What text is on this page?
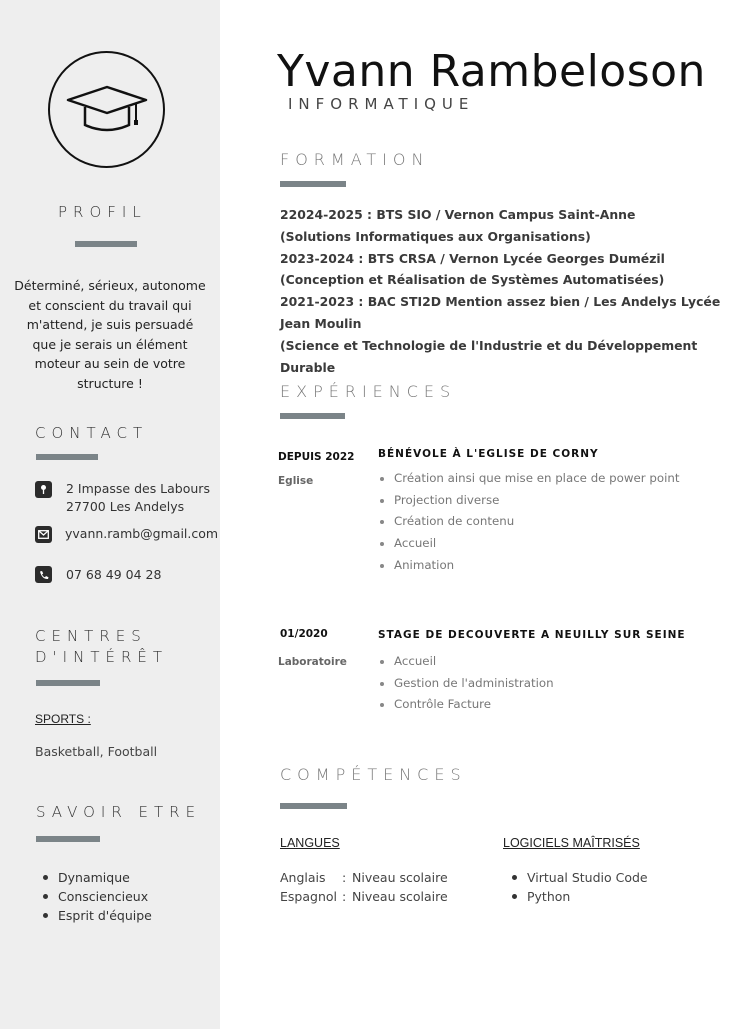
PROFIL
Déterminé, sérieux, autonome et conscient du travail qui m'attend, je suis persuadé que je serais un élément moteur au sein de votre structure !
CONTACT
2 Impasse des Labours
27700 Les Andelys
yvann.ramb@gmail.com
07 68 49 04 28
CENTRES
D'INTÉRÊT
SPORTS :
Basketball, Football
SAVOIR ETRE
Dynamique
Consciencieux
Esprit d'équipe
Yvann Rambeloson
INFORMATIQUE
FORMATION

22024-2025 : BTS SIO / Vernon Campus Saint-Anne

(Solutions Informatiques aux Organisations)

2023-2024 : BTS CRSA / Vernon Lycée Georges Dumézil

(Conception et Réalisation de Systèmes Automatisées)

2021-2023 : BAC STI2D Mention assez bien / Les Andelys Lycée Jean Moulin

(Science et Technologie de l'Industrie et du Développement Durable

EXPÉRIENCES
DEPUIS 2022
Eglise
BÉNÉVOLE À L'EGLISE DE CORNY
Création ainsi que mise en place de power point
Projection diverse
Création de contenu
Accueil
Animation
01/2020
Laboratoire
STAGE DE DECOUVERTE A NEUILLY SUR SEINE
Accueil
Gestion de l'administration
Contrôle Facture
COMPÉTENCES
LANGUES
Anglais	: Niveau scolaire
Espagnol : Niveau scolaire
LOGICIELS MAÎTRISÉS
Virtual Studio Code
Python
